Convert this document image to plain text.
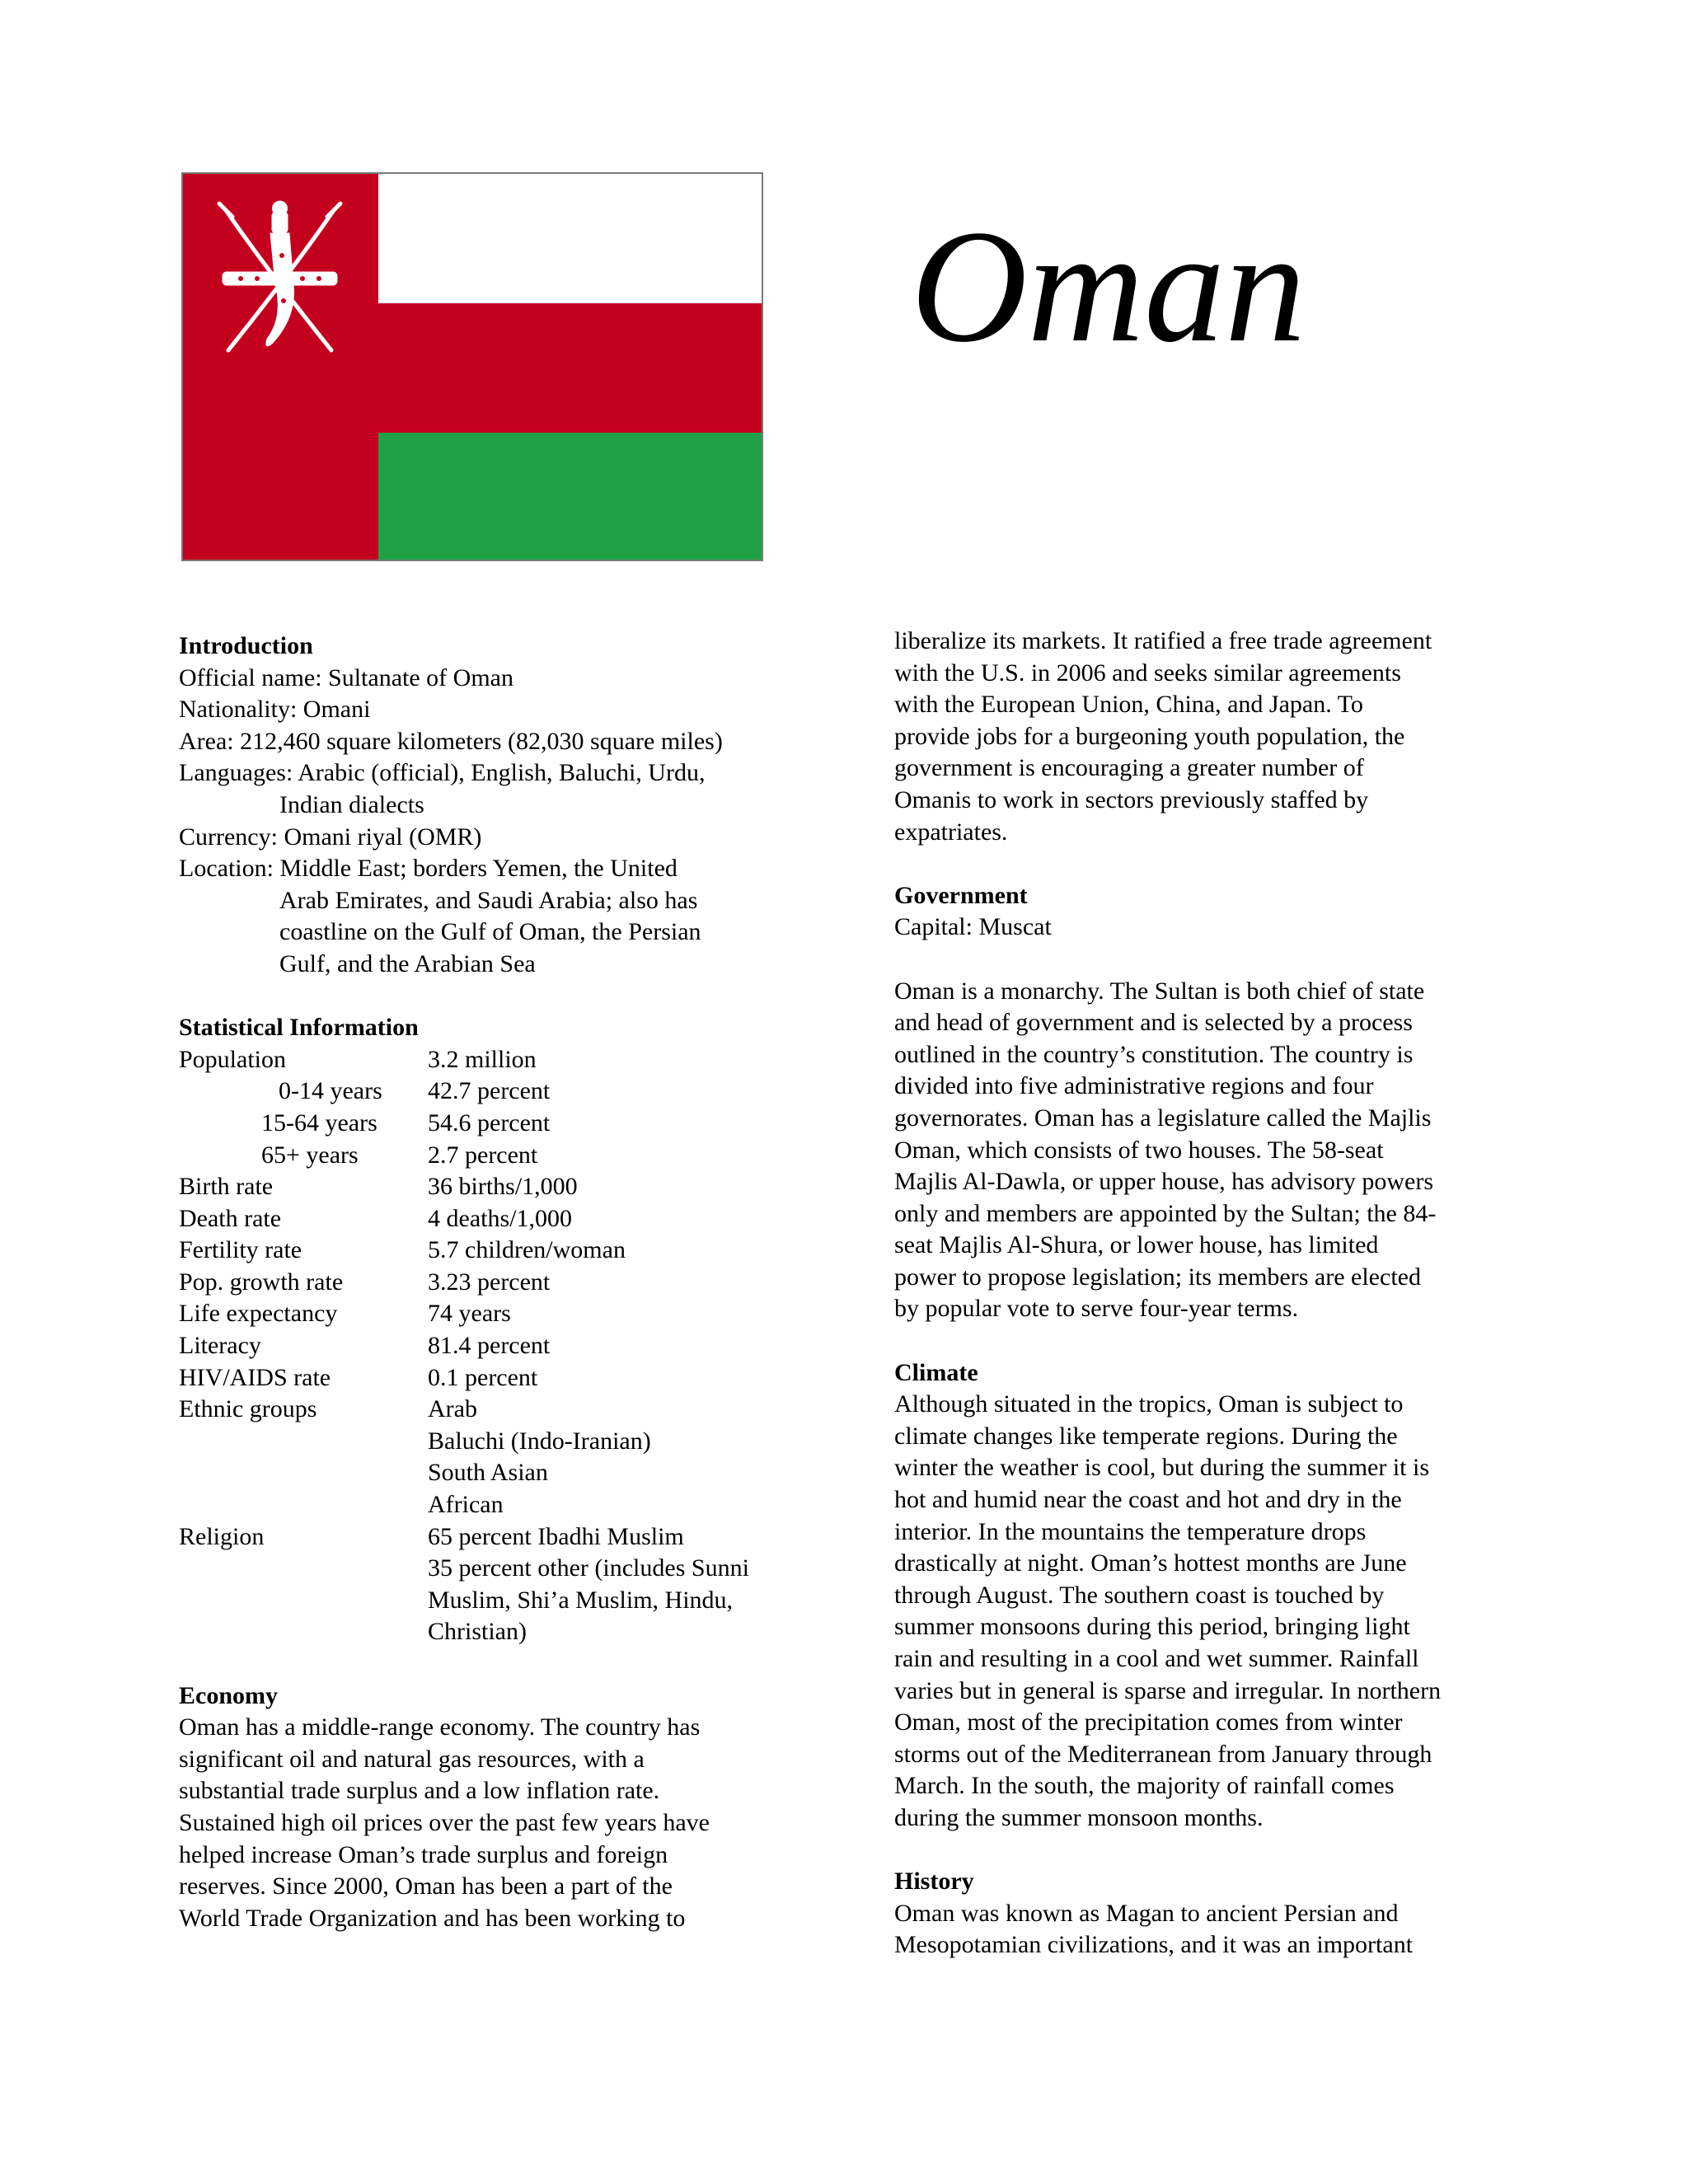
Oman

Introduction

Official name: Sultanate of Oman

Nationality: Omani

Area: 212,460 square kilometers (82,030 square miles)

Languages: Arabic (official), English, Baluchi, Urdu,

Indian dialects

Currency: Omani riyal (OMR)

Location: Middle East; borders Yemen, the United

Arab Emirates, and Saudi Arabia; also has

coastline on the Gulf of Oman, the Persian

Gulf, and the Arabian Sea

Statistical Information

Population	3.2 million
0-14 years	42.7 percent
15-64 years	54.6 percent
65+ years	2.7 percent
Birth rate	36 births/1,000
Death rate	4 deaths/1,000
Fertility rate	5.7 children/woman
Pop. growth rate	3.23 percent
Life expectancy	74 years
Literacy	81.4 percent
HIV/AIDS rate	0.1 percent
Ethnic groups	Arab
Baluchi (Indo-Iranian)
South Asian
African
Religion	65 percent Ibadhi Muslim
35 percent other (includes Sunni
Muslim, Shi’a Muslim, Hindu,
Christian)

Economy

Oman has a middle-range economy. The country has

significant oil and natural gas resources, with a

substantial trade surplus and a low inflation rate.

Sustained high oil prices over the past few years have

helped increase Oman’s trade surplus and foreign

reserves. Since 2000, Oman has been a part of the

World Trade Organization and has been working to

liberalize its markets. It ratified a free trade agreement

with the U.S. in 2006 and seeks similar agreements

with the European Union, China, and Japan. To

provide jobs for a burgeoning youth population, the

government is encouraging a greater number of

Omanis to work in sectors previously staffed by

expatriates.

Government

Capital: Muscat

Oman is a monarchy. The Sultan is both chief of state

and head of government and is selected by a process

outlined in the country’s constitution. The country is

divided into five administrative regions and four

governorates. Oman has a legislature called the Majlis

Oman, which consists of two houses. The 58-seat

Majlis Al-Dawla, or upper house, has advisory powers

only and members are appointed by the Sultan; the 84-

seat Majlis Al-Shura, or lower house, has limited

power to propose legislation; its members are elected

by popular vote to serve four-year terms.

Climate

Although situated in the tropics, Oman is subject to

climate changes like temperate regions. During the

winter the weather is cool, but during the summer it is

hot and humid near the coast and hot and dry in the

interior. In the mountains the temperature drops

drastically at night. Oman’s hottest months are June

through August. The southern coast is touched by

summer monsoons during this period, bringing light

rain and resulting in a cool and wet summer. Rainfall

varies but in general is sparse and irregular. In northern

Oman, most of the precipitation comes from winter

storms out of the Mediterranean from January through

March. In the south, the majority of rainfall comes

during the summer monsoon months.

History

Oman was known as Magan to ancient Persian and

Mesopotamian civilizations, and it was an important
